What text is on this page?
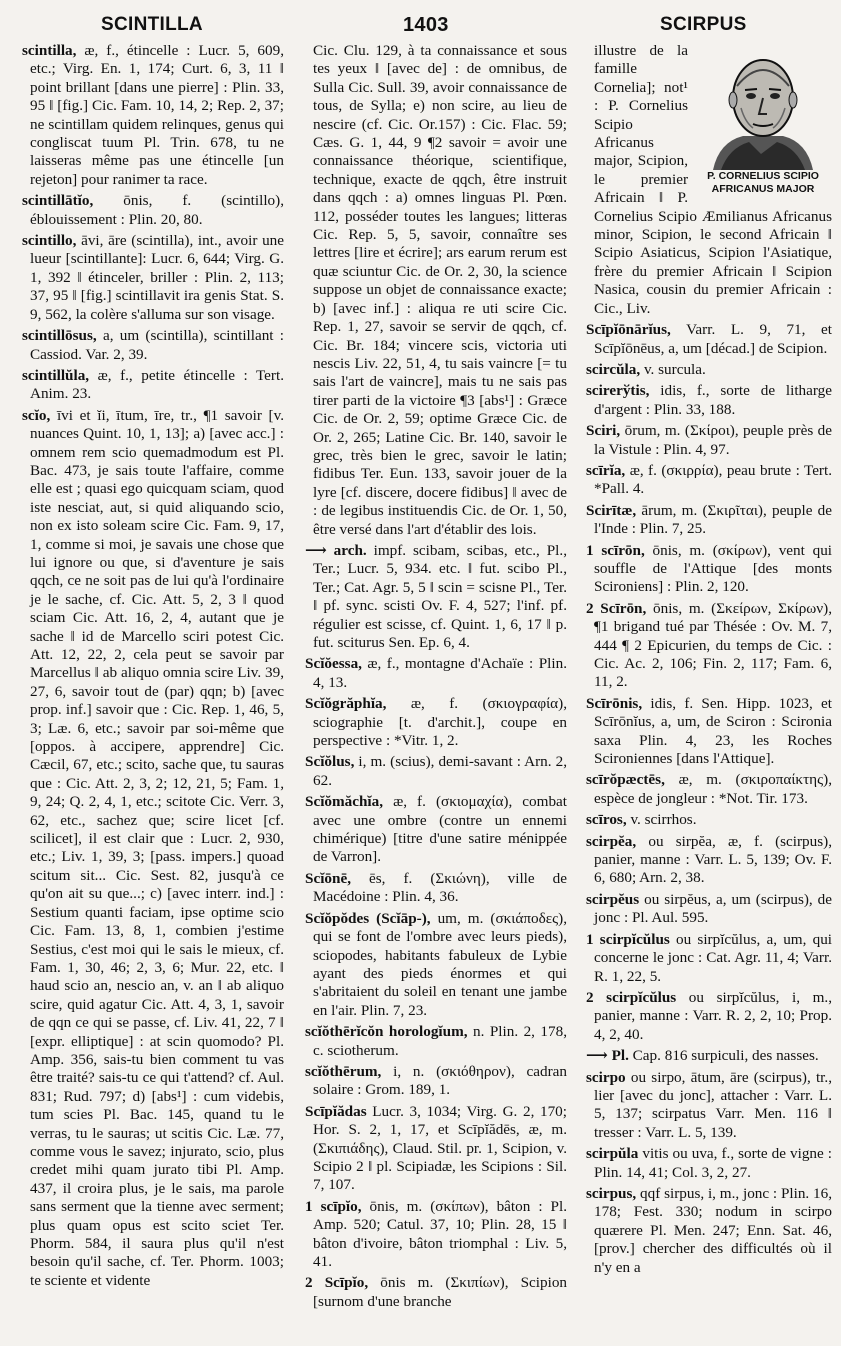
SCINTILLA	1403	SCIRPUS

scintilla, æ, f., étincelle : Lucr. 5, 609, etc.; Virg. En. 1, 174; Curt. 6, 3, 11 ‖ point brillant [dans une pierre] : Plin. 33, 95 ‖ [fig.] Cic. Fam. 10, 14, 2; Rep. 2, 37; ne scintillam quidem relinques, genus qui congliscat tuum Pl. Trin. 678, tu ne laisseras même pas une étincelle [un rejeton] pour ranimer ta race.

scintillātĭo, ōnis, f. (scintillo), éblouissement : Plin. 20, 80.

scintillo, āvi, āre (scintilla), int., avoir une lueur [scintillante]: Lucr. 6, 644; Virg. G. 1, 392 ‖ étinceler, briller : Plin. 2, 113; 37, 95 ‖ [fig.] scintillavit ira genis Stat. S. 9, 562, la colère s'alluma sur son visage.

scintillōsus, a, um (scintilla), scintillant : Cassiod. Var. 2, 39.

scintillŭla, æ, f., petite étincelle : Tert. Anim. 23.

scĭo, īvi et ĭi, ītum, īre, tr., ¶1 savoir [v. nuances Quint. 10, 1, 13]; a) [avec acc.] : omnem rem scio quemadmodum est Pl. Bac. 473, je sais toute l'affaire, comme elle est ; quasi ego quicquam sciam, quod iste nesciat, aut, si quid aliquando scio, non ex isto soleam scire Cic. Fam. 9, 17, 1, comme si moi, je savais une chose que lui ignore ou que, si d'aventure je sais qqch, ce ne soit pas de lui qu'à l'ordinaire je le sache, cf. Cic. Att. 5, 2, 3 ‖ quod sciam Cic. Att. 16, 2, 4, autant que je sache ‖ id de Marcello sciri potest Cic. Att. 12, 22, 2, cela peut se savoir par Marcellus ‖ ab aliquo omnia scire Liv. 39, 27, 6, savoir tout de (par) qqn; b) [avec prop. inf.] savoir que : Cic. Rep. 1, 46, 5, 3; Læ. 6, etc.; savoir par soi-même que [oppos. à accipere, apprendre] Cic. Cæcil, 67, etc.; scito, sache que, tu sauras que : Cic. Att. 2, 3, 2; 12, 21, 5; Fam. 1, 9, 24; Q. 2, 4, 1, etc.; scitote Cic. Verr. 3, 62, etc., sachez que; scire licet [cf. scilicet], il est clair que : Lucr. 2, 930, etc.; Liv. 1, 39, 3; [pass. impers.] quoad scitum sit... Cic. Sest. 82, jusqu'à ce qu'on ait su que...; c) [avec interr. ind.] : Sestium quanti faciam, ipse optime scio Cic. Fam. 13, 8, 1, combien j'estime Sestius, c'est moi qui le sais le mieux, cf. Fam. 1, 30, 46; 2, 3, 6; Mur. 22, etc. ‖ haud scio an, nescio an, v. an ‖ ab aliquo scire, quid agatur Cic. Att. 4, 3, 1, savoir de qqn ce qui se passe, cf. Liv. 41, 22, 7 ‖ [expr. elliptique] : at scin quomodo? Pl. Amp. 356, sais-tu bien comment tu vas être traité? sais-tu ce qui t'attend? cf. Aul. 831; Rud. 797; d) [abs¹] : cum videbis, tum scies Pl. Bac. 145, quand tu le verras, tu le sauras; ut scitis Cic. Læ. 77, comme vous le savez; injurato, scio, plus credet mihi quam jurato tibi Pl. Amp. 437, il croira plus, je le sais, ma parole sans serment que la tienne avec serment; plus quam opus est scito sciet Ter. Phorm. 584, il saura plus qu'il n'est besoin qu'il sache, cf. Ter. Phorm. 1003; te sciente et vidente

Cic. Clu. 129, à ta connaissance et sous tes yeux ‖ [avec de] : de omnibus, de Sulla Cic. Sull. 39, avoir connaissance de tous, de Sylla; e) non scire, au lieu de nescire (cf. Cic. Or.157) : Cic. Flac. 59; Cæs. G. 1, 44, 9 ¶2 savoir = avoir une connaissance théorique, scientifique, technique, exacte de qqch, être instruit dans qqch : a) omnes linguas Pl. Pœn. 112, posséder toutes les langues; litteras Cic. Rep. 5, 5, savoir, connaître ses lettres [lire et écrire]; ars earum rerum est quæ sciuntur Cic. de Or. 2, 30, la science suppose un objet de connaissance exacte; b) [avec inf.] : aliqua re uti scire Cic. Rep. 1, 27, savoir se servir de qqch, cf. Cic. Br. 184; vincere scis, victoria uti nescis Liv. 22, 51, 4, tu sais vaincre [= tu sais l'art de vaincre], mais tu ne sais pas tirer parti de la victoire ¶3 [abs¹] : Græce Cic. de Or. 2, 59; optime Græce Cic. de Or. 2, 265; Latine Cic. Br. 140, savoir le grec, très bien le grec, savoir le latin; fidibus Ter. Eun. 133, savoir jouer de la lyre [cf. discere, docere fidibus] ‖ avec de : de legibus instituendis Cic. de Or. 1, 50, être versé dans l'art d'établir des lois.

⟶ arch. impf. scibam, scibas, etc., Pl., Ter.; Lucr. 5, 934. etc. ‖ fut. scibo Pl., Ter.; Cat. Agr. 5, 5 ‖ scin = scisne Pl., Ter. ‖ pf. sync. scisti Ov. F. 4, 527; l'inf. pf. régulier est scisse, cf. Quint. 1, 6, 17 ‖ p. fut. sciturus Sen. Ep. 6, 4.

Scĭŏessa, æ, f., montagne d'Achaïe : Plin. 4, 13.

Scĭŏgrăphĭa, æ, f. (σκιογραφία), sciographie [t. d'archit.], coupe en perspective : *Vitr. 1, 2.

Scĭŏlus, i, m. (scius), demi-savant : Arn. 2, 62.

Scĭŏmăchĭa, æ, f. (σκιομαχία), combat avec une ombre (contre un ennemi chimérique) [titre d'une satire ménippée de Varron].

Scĭōnē, ēs, f. (Σκιώνη), ville de Macédoine : Plin. 4, 36.

Scĭŏpŏdes (Scĭāp-), um, m. (σκιάποδες), qui se font de l'ombre avec leurs pieds), sciopodes, habitants fabuleux de Lybie ayant des pieds énormes et qui s'abritaient du soleil en tenant une jambe en l'air. Plin. 7, 23.

scĭŏthērĭcŏn horologĭum, n. Plin. 2, 178, c. sciotherum.

scĭŏthērum, i, n. (σκιόθηρον), cadran solaire : Grom. 189, 1.

Scīpĭădas Lucr. 3, 1034; Virg. G. 2, 170; Hor. S. 2, 1, 17, et Scīpĭădēs, æ, m. (Σκιπιάδης), Claud. Stil. pr. 1, Scipion, v. Scipio 2 ‖ pl. Scipiadæ, les Scipions : Sil. 7, 107.

1 scīpĭo, ōnis, m. (σκίπων), bâton : Pl. Amp. 520; Catul. 37, 10; Plin. 28, 15 ‖ bâton d'ivoire, bâton triomphal : Liv. 5, 41.

2 Scīpĭo, ōnis m. (Σκιπίων), Scipion [surnom d'une branche

P. CORNELIUS SCIPIO
AFRICANUS MAJOR

illustre de la famille Cornelia]; not¹ : P. Cornelius Scipio Africanus major, Scipion, le premier Africain ‖ P. Cornelius Scipio Æmilianus Africanus minor, Scipion, le second Africain ‖ Scipio Asiaticus, Scipion l'Asiatique, frère du premier Africain ‖ Scipion Nasica, cousin du premier Africain : Cic., Liv.

Scīpĭōnārĭus, Varr. L. 9, 71, et Scīpĭōnēus, a, um [décad.] de Scipion.

scircŭla, v. surcula.

scirerўtis, idis, f., sorte de litharge d'argent : Plin. 33, 188.

Sciri, ōrum, m. (Σκίροι), peuple près de la Vistule : Plin. 4, 97.

scīrĭa, æ, f. (σκιρρία), peau brute : Tert. *Pall. 4.

Scirītæ, ārum, m. (Σκιρῖται), peuple de l'Inde : Plin. 7, 25.

1 scīrōn, ōnis, m. (σκίρων), vent qui souffle de l'Attique [des monts Scironiens] : Plin. 2, 120.

2 Scīrōn, ōnis, m. (Σκείρων, Σκίρων), ¶1 brigand tué par Thésée : Ov. M. 7, 444 ¶ 2 Epicurien, du temps de Cic. : Cic. Ac. 2, 106; Fin. 2, 117; Fam. 6, 11, 2.

Scīrōnis, idis, f. Sen. Hipp. 1023, et Scīrōnĭus, a, um, de Sciron : Scironia saxa Plin. 4, 23, les Roches Scironiennes [dans l'Attique].

scīrŏpæctēs, æ, m. (σκιροπαίκτης), espèce de jongleur : *Not. Tir. 173.

scīros, v. scirrhos.

scirpĕa, ou sirpĕa, æ, f. (scirpus), panier, manne : Varr. L. 5, 139; Ov. F. 6, 680; Arn. 2, 38.

scirpĕus ou sirpĕus, a, um (scirpus), de jonc : Pl. Aul. 595.

1 scirpĭcŭlus ou sirpĭcŭlus, a, um, qui concerne le jonc : Cat. Agr. 11, 4; Varr. R. 1, 22, 5.

2 scirpĭcŭlus ou sirpĭcŭlus, i, m., panier, manne : Varr. R. 2, 2, 10; Prop. 4, 2, 40.

⟶ Pl. Cap. 816 surpiculi, des nasses.

scirpo ou sirpo, ātum, āre (scirpus), tr., lier [avec du jonc], attacher : Varr. L. 5, 137; scirpatus Varr. Men. 116 ‖ tresser : Varr. L. 5, 139.

scirpŭla vitis ou uva, f., sorte de vigne : Plin. 14, 41; Col. 3, 2, 27.

scirpus, qqf sirpus, i, m., jonc : Plin. 16, 178; Fest. 330; nodum in scirpo quærere Pl. Men. 247; Enn. Sat. 46, [prov.] chercher des difficultés où il n'y en a
